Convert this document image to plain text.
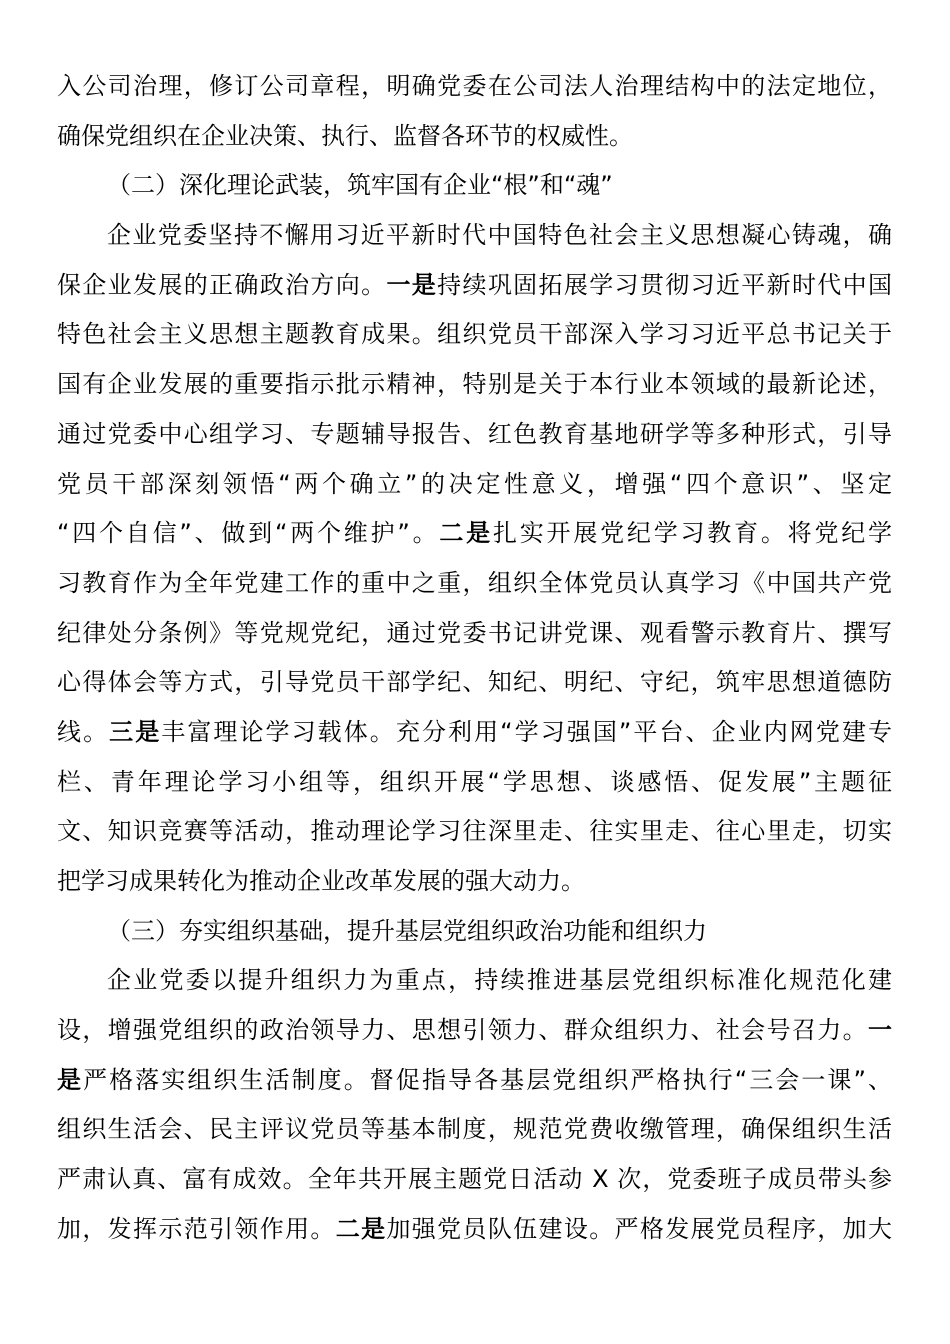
入公司治理，修订公司章程，明确党委在公司法人治理结构中的法定地位，
确保党组织在企业决策、执行、监督各环节的权威性。
（二）深化理论武装，筑牢国有企业“根”和“魂”
企业党委坚持不懈用习近平新时代中国特色社会主义思想凝心铸魂，确
保企业发展的正确政治方向。一是持续巩固拓展学习贯彻习近平新时代中国
特色社会主义思想主题教育成果。组织党员干部深入学习习近平总书记关于
国有企业发展的重要指示批示精神，特别是关于本行业本领域的最新论述，
通过党委中心组学习、专题辅导报告、红色教育基地研学等多种形式，引导
党员干部深刻领悟“两个确立”的决定性意义，增强“四个意识”、坚定
“四个自信”、做到“两个维护”。二是扎实开展党纪学习教育。将党纪学
习教育作为全年党建工作的重中之重，组织全体党员认真学习《中国共产党
纪律处分条例》等党规党纪，通过党委书记讲党课、观看警示教育片、撰写
心得体会等方式，引导党员干部学纪、知纪、明纪、守纪，筑牢思想道德防
线。三是丰富理论学习载体。充分利用“学习强国”平台、企业内网党建专
栏、青年理论学习小组等，组织开展“学思想、谈感悟、促发展”主题征
文、知识竞赛等活动，推动理论学习往深里走、往实里走、往心里走，切实
把学习成果转化为推动企业改革发展的强大动力。
（三）夯实组织基础，提升基层党组织政治功能和组织力
企业党委以提升组织力为重点，持续推进基层党组织标准化规范化建
设，增强党组织的政治领导力、思想引领力、群众组织力、社会号召力。一
是严格落实组织生活制度。督促指导各基层党组织严格执行“三会一课”、
组织生活会、民主评议党员等基本制度，规范党费收缴管理，确保组织生活
严肃认真、富有成效。全年共开展主题党日活动 X 次，党委班子成员带头参
加，发挥示范引领作用。二是加强党员队伍建设。严格发展党员程序，加大
